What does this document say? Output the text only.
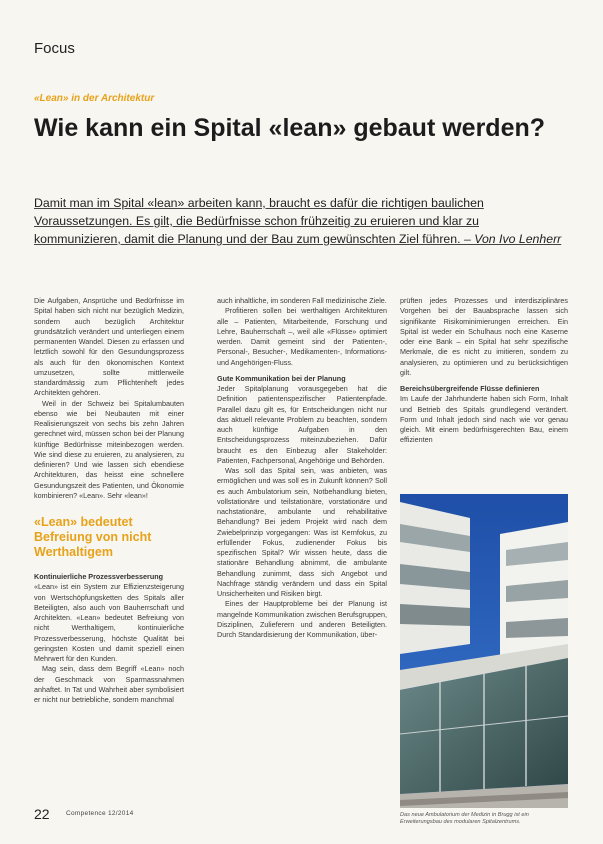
Focus
«Lean» in der Architektur
Wie kann ein Spital «lean» gebaut werden?

Damit man im Spital «lean» arbeiten kann, braucht es dafür die richtigen baulichen Voraussetzungen. Es gilt, die Bedürfnisse schon frühzeitig zu eruieren und klar zu kommunizieren, damit die Planung und der Bau zum gewünschten Ziel führen. – Von Ivo Lenherr

Die Aufgaben, Ansprüche und Bedürfnisse im Spital haben sich nicht nur bezüglich Medizin, sondern auch bezüglich Architektur grundsätzlich verändert und unterliegen einem permanenten Wandel. Diesen zu erfassen und letztlich sowohl für den Gesundungsprozess als auch für den ökonomischen Kontext umzusetzen, sollte mittlerweile standardmässig zum Pflichtenheft jedes Architekten gehören.

Weil in der Schweiz bei Spitalumbauten ebenso wie bei Neubauten mit einer Realisierungszeit von sechs bis zehn Jahren gerechnet wird, müssen schon bei der Planung künftige Bedürfnisse miteinbezogen werden. Wie sind diese zu eruieren, zu analysieren, zu definieren? Und wie lassen sich ebendiese Architekturen, das heisst eine schnellere Gesundungszeit des Patienten, und Ökonomie kombinieren? «Lean». Sehr «lean»!

«Lean» bedeutet Befreiung von nicht Werthaltigem

Kontinuierliche Prozessverbesserung

«Lean» ist ein System zur Effizienzsteigerung von Wertschöpfungsketten des Spitals aller Beteiligten, also auch von Bauherrschaft und Architekten. «Lean» bedeutet Befreiung von nicht Werthaltigem, kontinuierliche Prozessverbesserung, höchste Qualität bei geringsten Kosten und damit speziell einen Mehrwert für den Kunden.

Mag sein, dass dem Begriff «Lean» noch der Geschmack von Sparmassnahmen anhaftet. In Tat und Wahrheit aber symbolisiert er nicht nur betriebliche, sondern manchmal

auch inhaltliche, im sonderen Fall medizinische Ziele.

Profitieren sollen bei werthaltigen Architekturen alle – Patienten, Mitarbeitende, Forschung und Lehre, Bauherrschaft –, weil alle «Flüsse» optimiert werden. Damit gemeint sind der Patienten-, Personal-, Besucher-, Medikamenten-, Informations- und Angehörigen-Fluss.

Gute Kommunikation bei der Planung

Jeder Spitalplanung vorausgegeben hat die Definition patientenspezifischer Patientenpfade. Parallel dazu gilt es, für Entscheidungen nicht nur das aktuell relevante Problem zu beachten, sondern auch künftige Aufgaben in den Entscheidungsprozess miteinzubeziehen. Dafür braucht es den Einbezug aller Stakeholder: Patienten, Fachpersonal, Angehörige und Behörden.

Was soll das Spital sein, was anbieten, was ermöglichen und was soll es in Zukunft können? Soll es auch Ambulatorium sein, Notbehandlung bieten, vollstationäre und teilstationäre, vorstationäre und nachstationäre, ambulante und rehabilitative Behandlung? Bei jedem Projekt wird nach dem Zwiebelprinzip vorgegangen: Was ist Kernfokus, zu erfüllender Fokus, zudienender Fokus bis spezifischen Spital? Wir wissen heute, dass die stationäre Behandlung abnimmt, die ambulante Behandlung zunimmt, dass sich Angebot und Nachfrage ständig verändern und dass ein Spital Unsicherheiten und Risiken birgt.

Eines der Hauptprobleme bei der Planung ist mangelnde Kommunikation zwischen Berufsgruppen, Disziplinen, Zulieferern und anderen Beteiligten. Durch Standardisierung der Kommunikation, über-

prüften jedes Prozesses und interdisziplinäres Vorgehen bei der Bauabsprache lassen sich signifikante Risikominimierungen erreichen. Ein Spital ist weder ein Schulhaus noch eine Kaserne oder eine Bank – ein Spital hat sehr spezifische Merkmale, die es nicht zu imitieren, sondern zu analysieren, zu optimieren und zu berücksichtigen gilt.

Bereichsübergreifende Flüsse definieren

Im Laufe der Jahrhunderte haben sich Form, Inhalt und Betrieb des Spitals grundlegend verändert. Form und Inhalt jedoch sind nach wie vor genau gleich. Mit einem bedürfnisgerechten Bau, einem effizienten

Das neue Ambulatorium der Medizin in Brugg ist ein Erweiterungsbau des modularen Spitalzentrums.
22	Competence 12/2014
